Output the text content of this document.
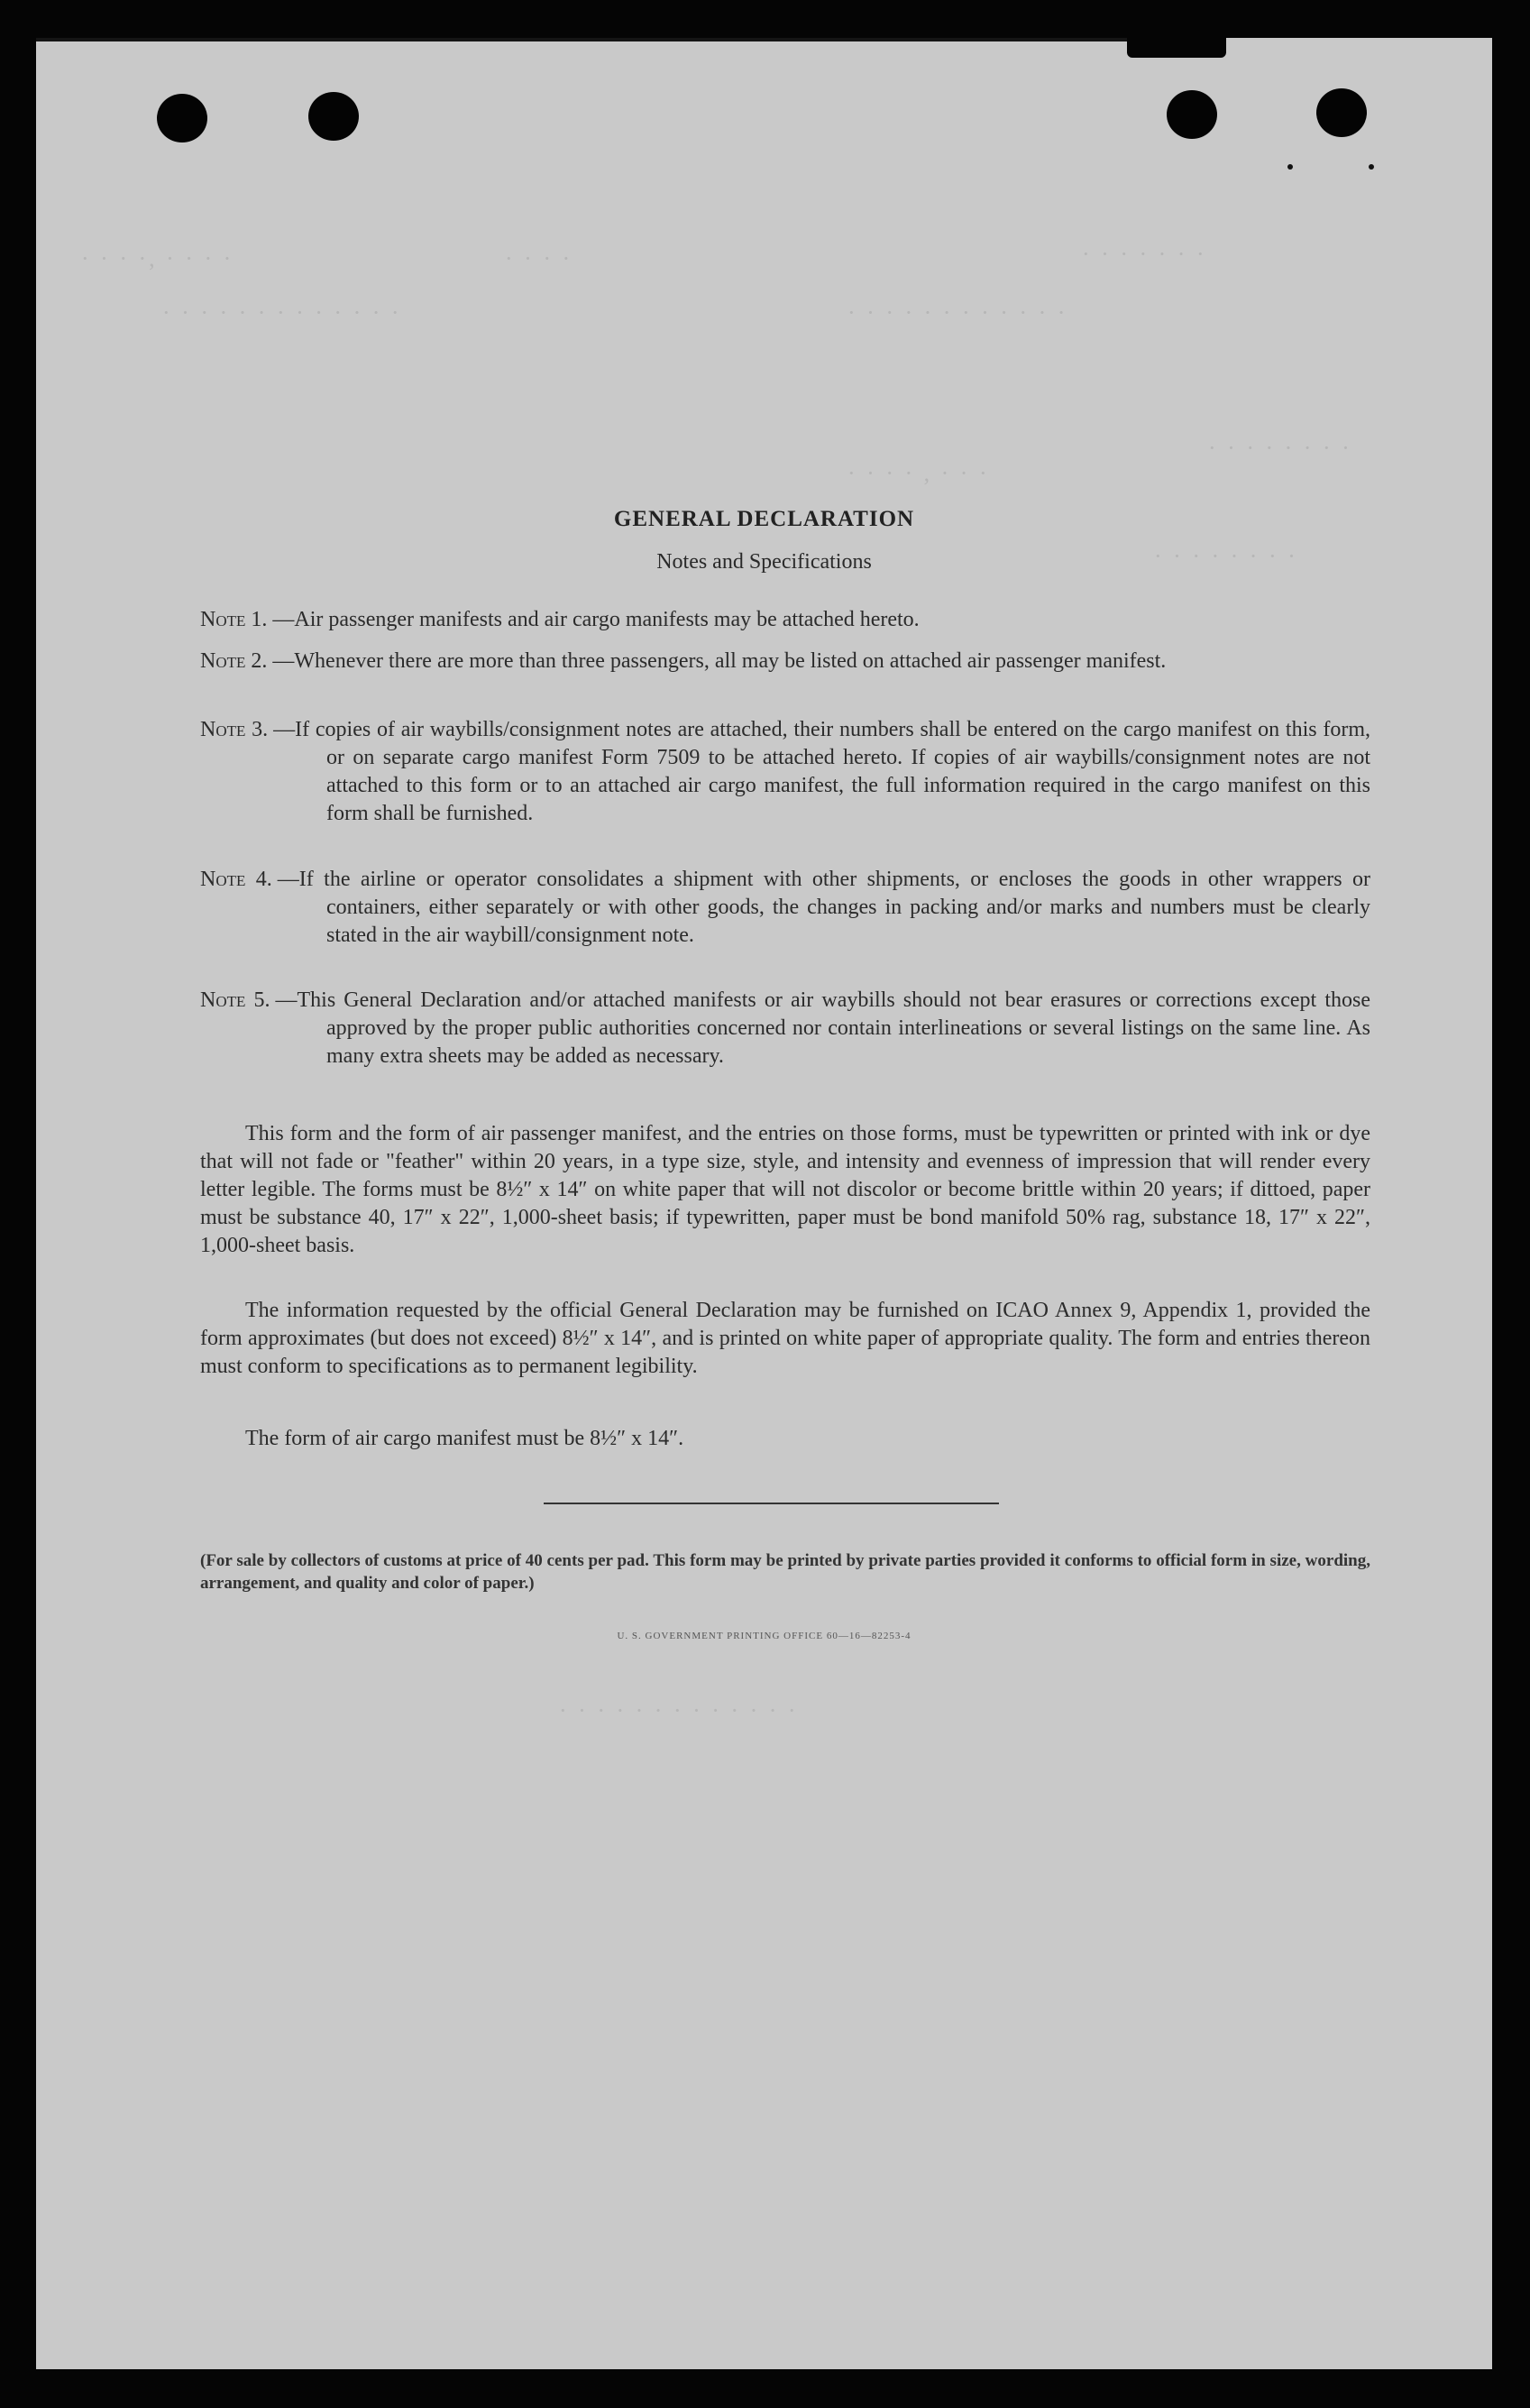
· · · ·, · · · ·	· · · ·	· · · · · · ·
· · · · · · · · · · · · ·	· · · · · · · · · · · ·
· · · · , · · ·
· · · · · · · ·
· · · · · · · ·
· · · · · · · · · · · · ·
GENERAL DECLARATION
Notes and Specifications
Note 1. —Air passenger manifests and air cargo manifests may be attached hereto.
Note 2. —Whenever there are more than three passengers, all may be listed on attached air passenger manifest.
Note 3. —If copies of air waybills/consignment notes are attached, their numbers shall be entered on the cargo manifest on this form, or on separate cargo manifest Form 7509 to be attached hereto. If copies of air waybills/consignment notes are not attached to this form or to an attached air cargo manifest, the full information required in the cargo manifest on this form shall be furnished.
Note 4. —If the airline or operator consolidates a shipment with other shipments, or encloses the goods in other wrappers or containers, either separately or with other goods, the changes in packing and/or marks and numbers must be clearly stated in the air waybill/consignment note.
Note 5. —This General Declaration and/or attached manifests or air waybills should not bear erasures or corrections except those approved by the proper public authorities concerned nor contain interlineations or several listings on the same line. As many extra sheets may be added as necessary.
This form and the form of air passenger manifest, and the entries on those forms, must be typewritten or printed with ink or dye that will not fade or "feather" within 20 years, in a type size, style, and intensity and evenness of impression that will render every letter legible. The forms must be 8½″ x 14″ on white paper that will not discolor or become brittle within 20 years; if dittoed, paper must be substance 40, 17″ x 22″, 1,000-sheet basis; if typewritten, paper must be bond manifold 50% rag, substance 18, 17″ x 22″, 1,000-sheet basis.
The information requested by the official General Declaration may be furnished on ICAO Annex 9, Appendix 1, provided the form approximates (but does not exceed) 8½″ x 14″, and is printed on white paper of appropriate quality. The form and entries thereon must conform to specifications as to permanent legibility.
The form of air cargo manifest must be 8½″ x 14″.
(For sale by collectors of customs at price of 40 cents per pad. This form may be printed by private parties provided it conforms to official form in size, wording, arrangement, and quality and color of paper.)
U. S. GOVERNMENT PRINTING OFFICE 60—16—82253-4
